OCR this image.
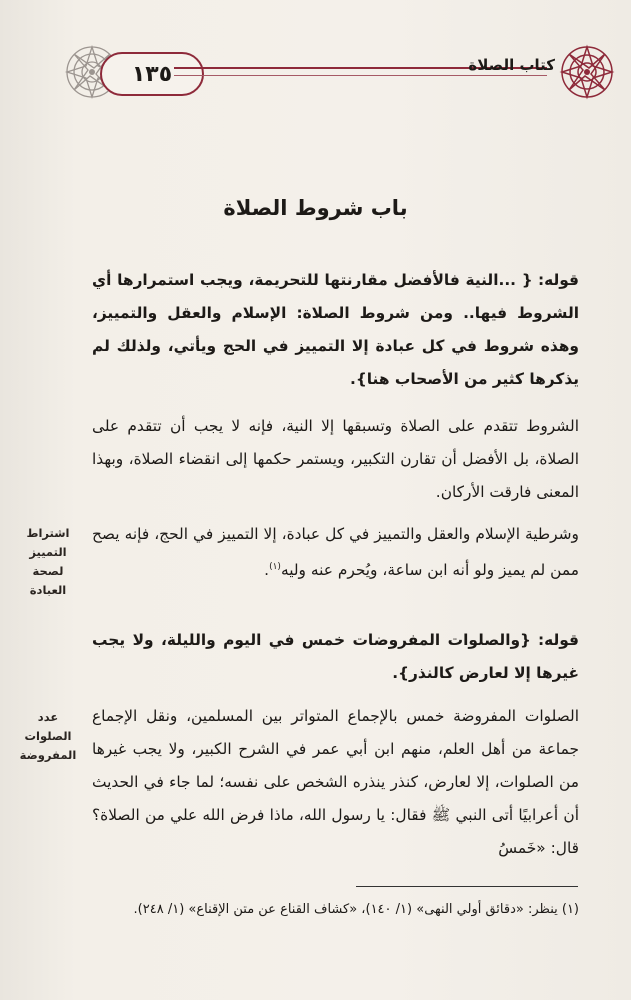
١٣٥	كتاب الصلاة
باب شروط الصلاة

قوله: { ...النية فالأفضل مقارنتها للتحريمة، ويجب استمرارها أي الشروط فيها.. ومن شروط الصلاة: الإسلام والعقل والتمييز، وهذه شروط في كل عبادة إلا التمييز في الحج ويأتي، ولذلك لم يذكرها كثير من الأصحاب هنا}.

الشروط تتقدم على الصلاة وتسبقها إلا النية، فإنه لا يجب أن تتقدم على الصلاة، بل الأفضل أن تقارن التكبير، ويستمر حكمها إلى انقضاء الصلاة، وبهذا المعنى فارقت الأركان.

وشرطية الإسلام والعقل والتمييز في كل عبادة، إلا التمييز في الحج، فإنه يصح ممن لم يميز ولو أنه ابن ساعة، ويُحرم عنه وليه$^{(١)}$.

اشتراط التمييز لصحة العبادة

قوله: {والصلوات المفروضات خمس في اليوم والليلة، ولا يجب غيرها إلا لعارض كالنذر}.

الصلوات المفروضة خمس بالإجماع المتواتر بين المسلمين، ونقل الإجماع جماعة من أهل العلم، منهم ابن أبي عمر في الشرح الكبير، ولا يجب غيرها من الصلوات، إلا لعارض، كنذر ينذره الشخص على نفسه؛ لما جاء في الحديث أن أعرابيًا أتى النبي ﷺ فقال: يا رسول الله، ماذا فرض الله علي من الصلاة؟ قال: «خَمسُ

عدد الصلوات المفروضة
(١) ينظر: «دقائق أولي النهى» (١/ ١٤٠)، «كشاف القناع عن متن الإقناع» (١/ ٢٤٨).
